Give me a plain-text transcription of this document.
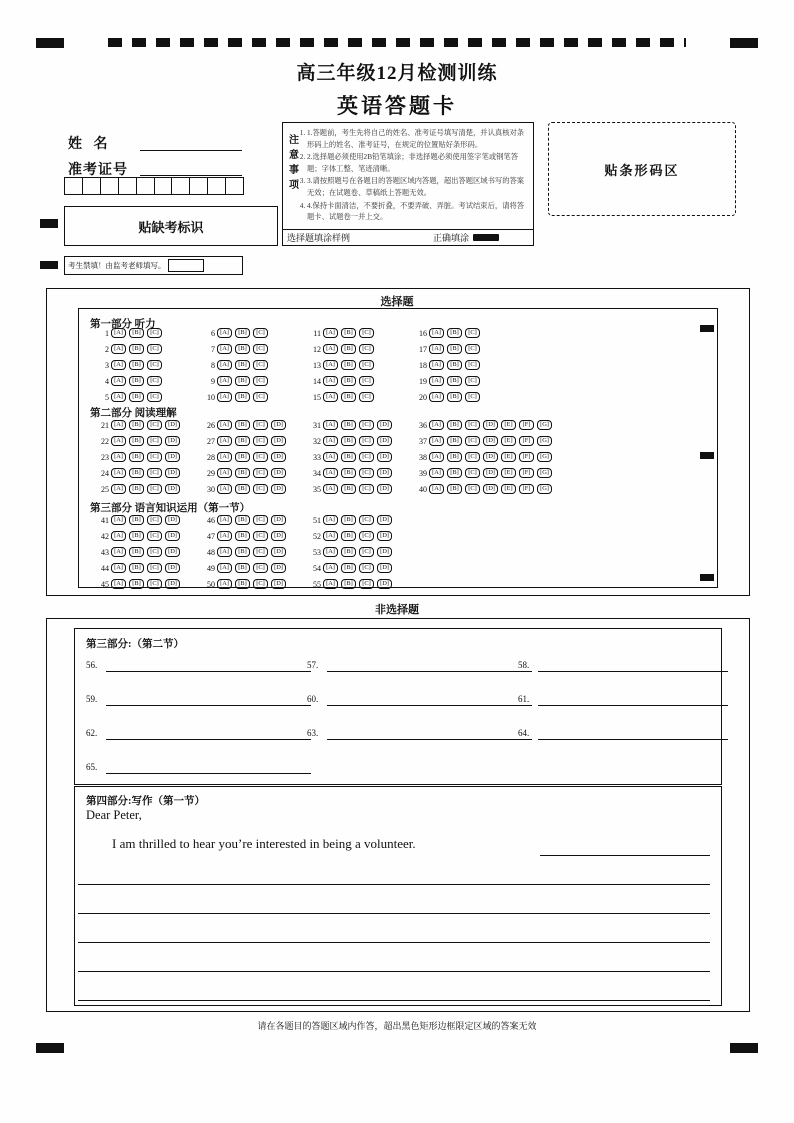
高三年级12月检测训练
英语答题卡
姓 名
准考证号
贴缺考标识
考生禁填！由监考老师填写。
注意事项
1. 1.答题前，考生先将自己的姓名、准考证号填写清楚，并认真核对条形码上的姓名、准考证号，在规定的位置贴好条形码。
2. 2.选择题必须使用2B铅笔填涂；非选择题必须使用签字笔或钢笔答题；字体工整、笔迹清晰。
3. 3.请按照题号在各题目的答题区域内答题，超出答题区域书写的答案无效；在试题卷、草稿纸上答题无效。
4. 4.保持卡面清洁，不要折叠，不要弄破、弄脏。考试结束后，请将答题卡、试题卷一并上交。
选择题填涂样例	正确填涂
贴条形码区
选择题
第一部分 听力
1 [A]	[B]	[C]
2 [A]	[B]	[C]
3 [A]	[B]	[C]
4 [A]	[B]	[C]
5 [A]	[B]	[C]
6 [A]	[B]	[C]
7 [A]	[B]	[C]
8 [A]	[B]	[C]
9 [A]	[B]	[C]
10 [A]	[B]	[C]
11 [A]	[B]	[C]
12 [A]	[B]	[C]
13 [A]	[B]	[C]
14 [A]	[B]	[C]
15 [A]	[B]	[C]
16 [A]	[B]	[C]
17 [A]	[B]	[C]
18 [A]	[B]	[C]
19 [A]	[B]	[C]
20 [A]	[B]	[C]
第二部分 阅读理解
21 [A]	[B]	[C]	[D]
22 [A]	[B]	[C]	[D]
23 [A]	[B]	[C]	[D]
24 [A]	[B]	[C]	[D]
25 [A]	[B]	[C]	[D]
26 [A]	[B]	[C]	[D]
27 [A]	[B]	[C]	[D]
28 [A]	[B]	[C]	[D]
29 [A]	[B]	[C]	[D]
30 [A]	[B]	[C]	[D]
31 [A]	[B]	[C]	[D]
32 [A]	[B]	[C]	[D]
33 [A]	[B]	[C]	[D]
34 [A]	[B]	[C]	[D]
35 [A]	[B]	[C]	[D]
36 [A]	[B]	[C]	[D]	[E]	[F]	[G]
37 [A]	[B]	[C]	[D]	[E]	[F]	[G]
38 [A]	[B]	[C]	[D]	[E]	[F]	[G]
39 [A]	[B]	[C]	[D]	[E]	[F]	[G]
40 [A]	[B]	[C]	[D]	[E]	[F]	[G]
第三部分 语言知识运用（第一节）
41 [A]	[B]	[C]	[D]
42 [A]	[B]	[C]	[D]
43 [A]	[B]	[C]	[D]
44 [A]	[B]	[C]	[D]
45 [A]	[B]	[C]	[D]
46 [A]	[B]	[C]	[D]
47 [A]	[B]	[C]	[D]
48 [A]	[B]	[C]	[D]
49 [A]	[B]	[C]	[D]
50 [A]	[B]	[C]	[D]
51 [A]	[B]	[C]	[D]
52 [A]	[B]	[C]	[D]
53 [A]	[B]	[C]	[D]
54 [A]	[B]	[C]	[D]
55 [A]	[B]	[C]	[D]
非选择题
第三部分:（第二节）
56.	57.	58.
59.	60.	61.
62.	63.	64.
65.
第四部分:写作（第一节）
Dear Peter,
I am thrilled to hear you’re interested in being a volunteer.
请在各题目的答题区域内作答，超出黑色矩形边框限定区域的答案无效
